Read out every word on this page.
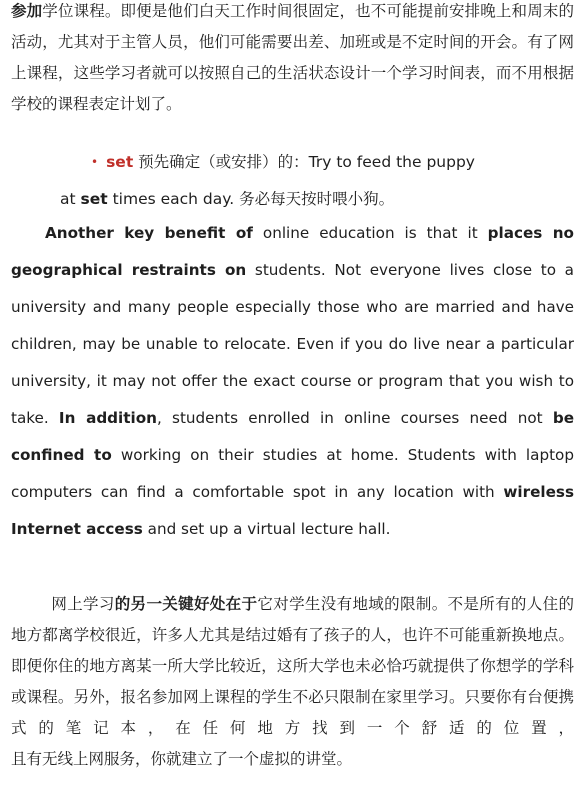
参加学位课程。即便是他们白天工作时间很固定，也不可能提前安排晚上和周末的活动，尤其对于主管人员，他们可能需要出差、加班或是不定时间的开会。有了网上课程，这些学习者就可以按照自己的生活状态设计一个学习时间表，而不用根据学校的课程表定计划了。

• set 预先确定（或安排）的：Try to feed the puppy
at set times each day. 务必每天按时喂小狗。

Another key benefit of online education is that it places no geographical restraints on students. Not everyone lives close to a university and many people especially those who are married and have children, may be unable to relocate. Even if you do live near a particular university, it may not offer the exact course or program that you wish to take. In addition, students enrolled in online courses need not be confined to working on their studies at home. Students with laptop computers can find a comfortable spot in any location with wireless Internet access and set up a virtual lecture hall.

网上学习的另一关键好处在于它对学生没有地域的限制。不是所有的人住的地方都离学校很近，许多人尤其是结过婚有了孩子的人，也许不可能重新换地点。即便你住的地方离某一所大学比较近，这所大学也未必恰巧就提供了你想学的学科或课程。另外，报名参加网上课程的学生不必只限制在家里学习。只要你有台便携式的笔记本，在任何地方找到一个舒适的位置，且有无线上网服务，你就建立了一个虚拟的讲堂。
